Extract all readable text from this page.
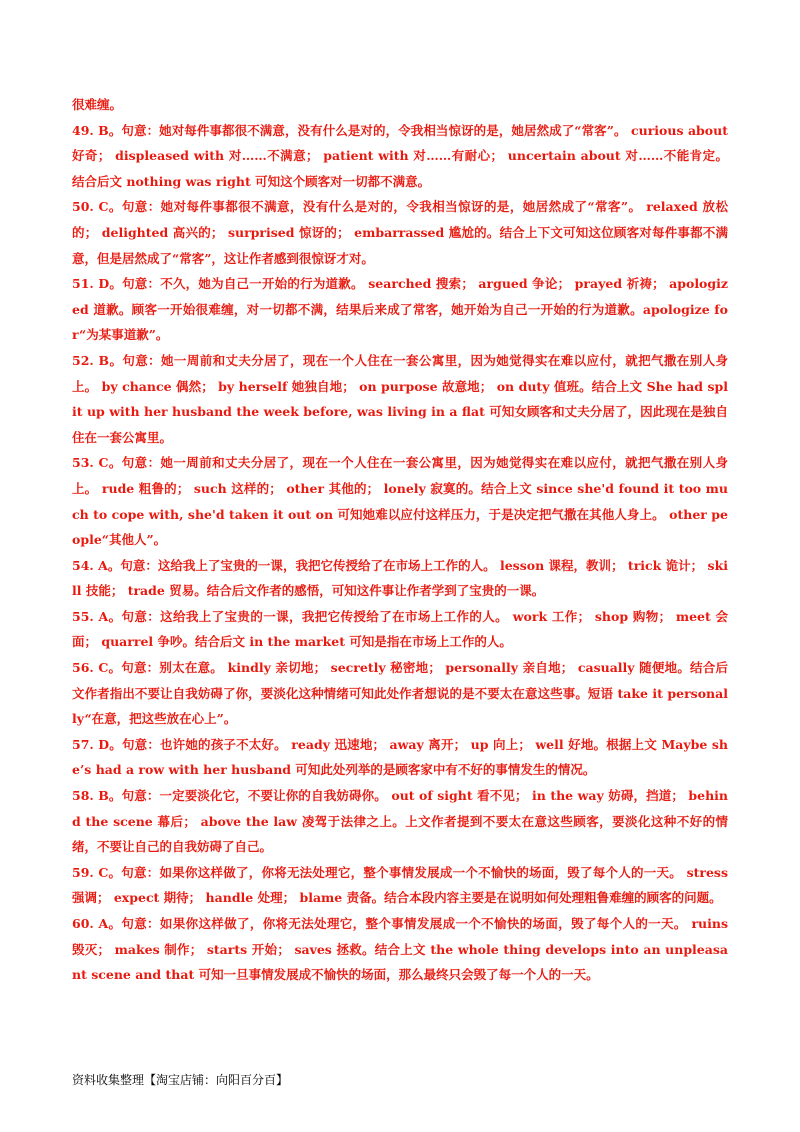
很难缠。

49. B。句意：她对每件事都很不满意，没有什么是对的，令我相当惊讶的是，她居然成了“常客”。 curious about 好奇； displeased with 对……不满意； patient with 对……有耐心； uncertain about 对……不能肯定。结合后文 nothing was right 可知这个顾客对一切都不满意。

50. C。句意：她对每件事都很不满意，没有什么是对的，令我相当惊讶的是，她居然成了“常客”。 relaxed 放松的； delighted 高兴的； surprised 惊讶的； embarrassed 尴尬的。结合上下文可知这位顾客对每件事都不满意，但是居然成了“常客”，这让作者感到很惊讶才对。

51. D。句意：不久，她为自己一开始的行为道歉。 searched 搜索； argued 争论； prayed 祈祷； apologized 道歉。顾客一开始很难缠，对一切都不满，结果后来成了常客，她开始为自己一开始的行为道歉。apologize for“为某事道歉”。

52. B。句意：她一周前和丈夫分居了，现在一个人住在一套公寓里，因为她觉得实在难以应付，就把气撒在别人身上。 by chance 偶然； by herself 她独自地； on purpose 故意地； on duty 值班。结合上文 She had split up with her husband the week before, was living in a flat 可知女顾客和丈夫分居了，因此现在是独自住在一套公寓里。

53. C。句意：她一周前和丈夫分居了，现在一个人住在一套公寓里，因为她觉得实在难以应付，就把气撒在别人身上。 rude 粗鲁的； such 这样的； other 其他的； lonely 寂寞的。结合上文 since she'd found it too much to cope with, she'd taken it out on 可知她难以应付这样压力，于是决定把气撒在其他人身上。 other people“其他人”。

54. A。句意：这给我上了宝贵的一课，我把它传授给了在市场上工作的人。 lesson 课程，教训； trick 诡计； skill 技能； trade 贸易。结合后文作者的感悟，可知这件事让作者学到了宝贵的一课。

55. A。句意：这给我上了宝贵的一课，我把它传授给了在市场上工作的人。 work 工作； shop 购物； meet 会面； quarrel 争吵。结合后文 in the market 可知是指在市场上工作的人。

56. C。句意：别太在意。 kindly 亲切地； secretly 秘密地； personally 亲自地； casually 随便地。结合后文作者指出不要让自我妨碍了你，要淡化这种情绪可知此处作者想说的是不要太在意这些事。短语 take it personally“在意，把这些放在心上”。

57. D。句意：也许她的孩子不太好。 ready 迅速地； away 离开； up 向上； well 好地。根据上文 Maybe she’s had a row with her husband 可知此处列举的是顾客家中有不好的事情发生的情况。

58. B。句意：一定要淡化它，不要让你的自我妨碍你。 out of sight 看不见； in the way 妨碍，挡道； behind the scene 幕后； above the law 凌驾于法律之上。上文作者提到不要太在意这些顾客，要淡化这种不好的情绪，不要让自己的自我妨碍了自己。

59. C。句意：如果你这样做了，你将无法处理它，整个事情发展成一个不愉快的场面，毁了每个人的一天。 stress 强调； expect 期待； handle 处理； blame 责备。结合本段内容主要是在说明如何处理粗鲁难缠的顾客的问题。

60. A。句意：如果你这样做了，你将无法处理它，整个事情发展成一个不愉快的场面，毁了每个人的一天。 ruins 毁灭； makes 制作； starts 开始； saves 拯救。结合上文 the whole thing develops into an unpleasant scene and that 可知一旦事情发展成不愉快的场面，那么最终只会毁了每一个人的一天。

资料收集整理【淘宝店铺：向阳百分百】
